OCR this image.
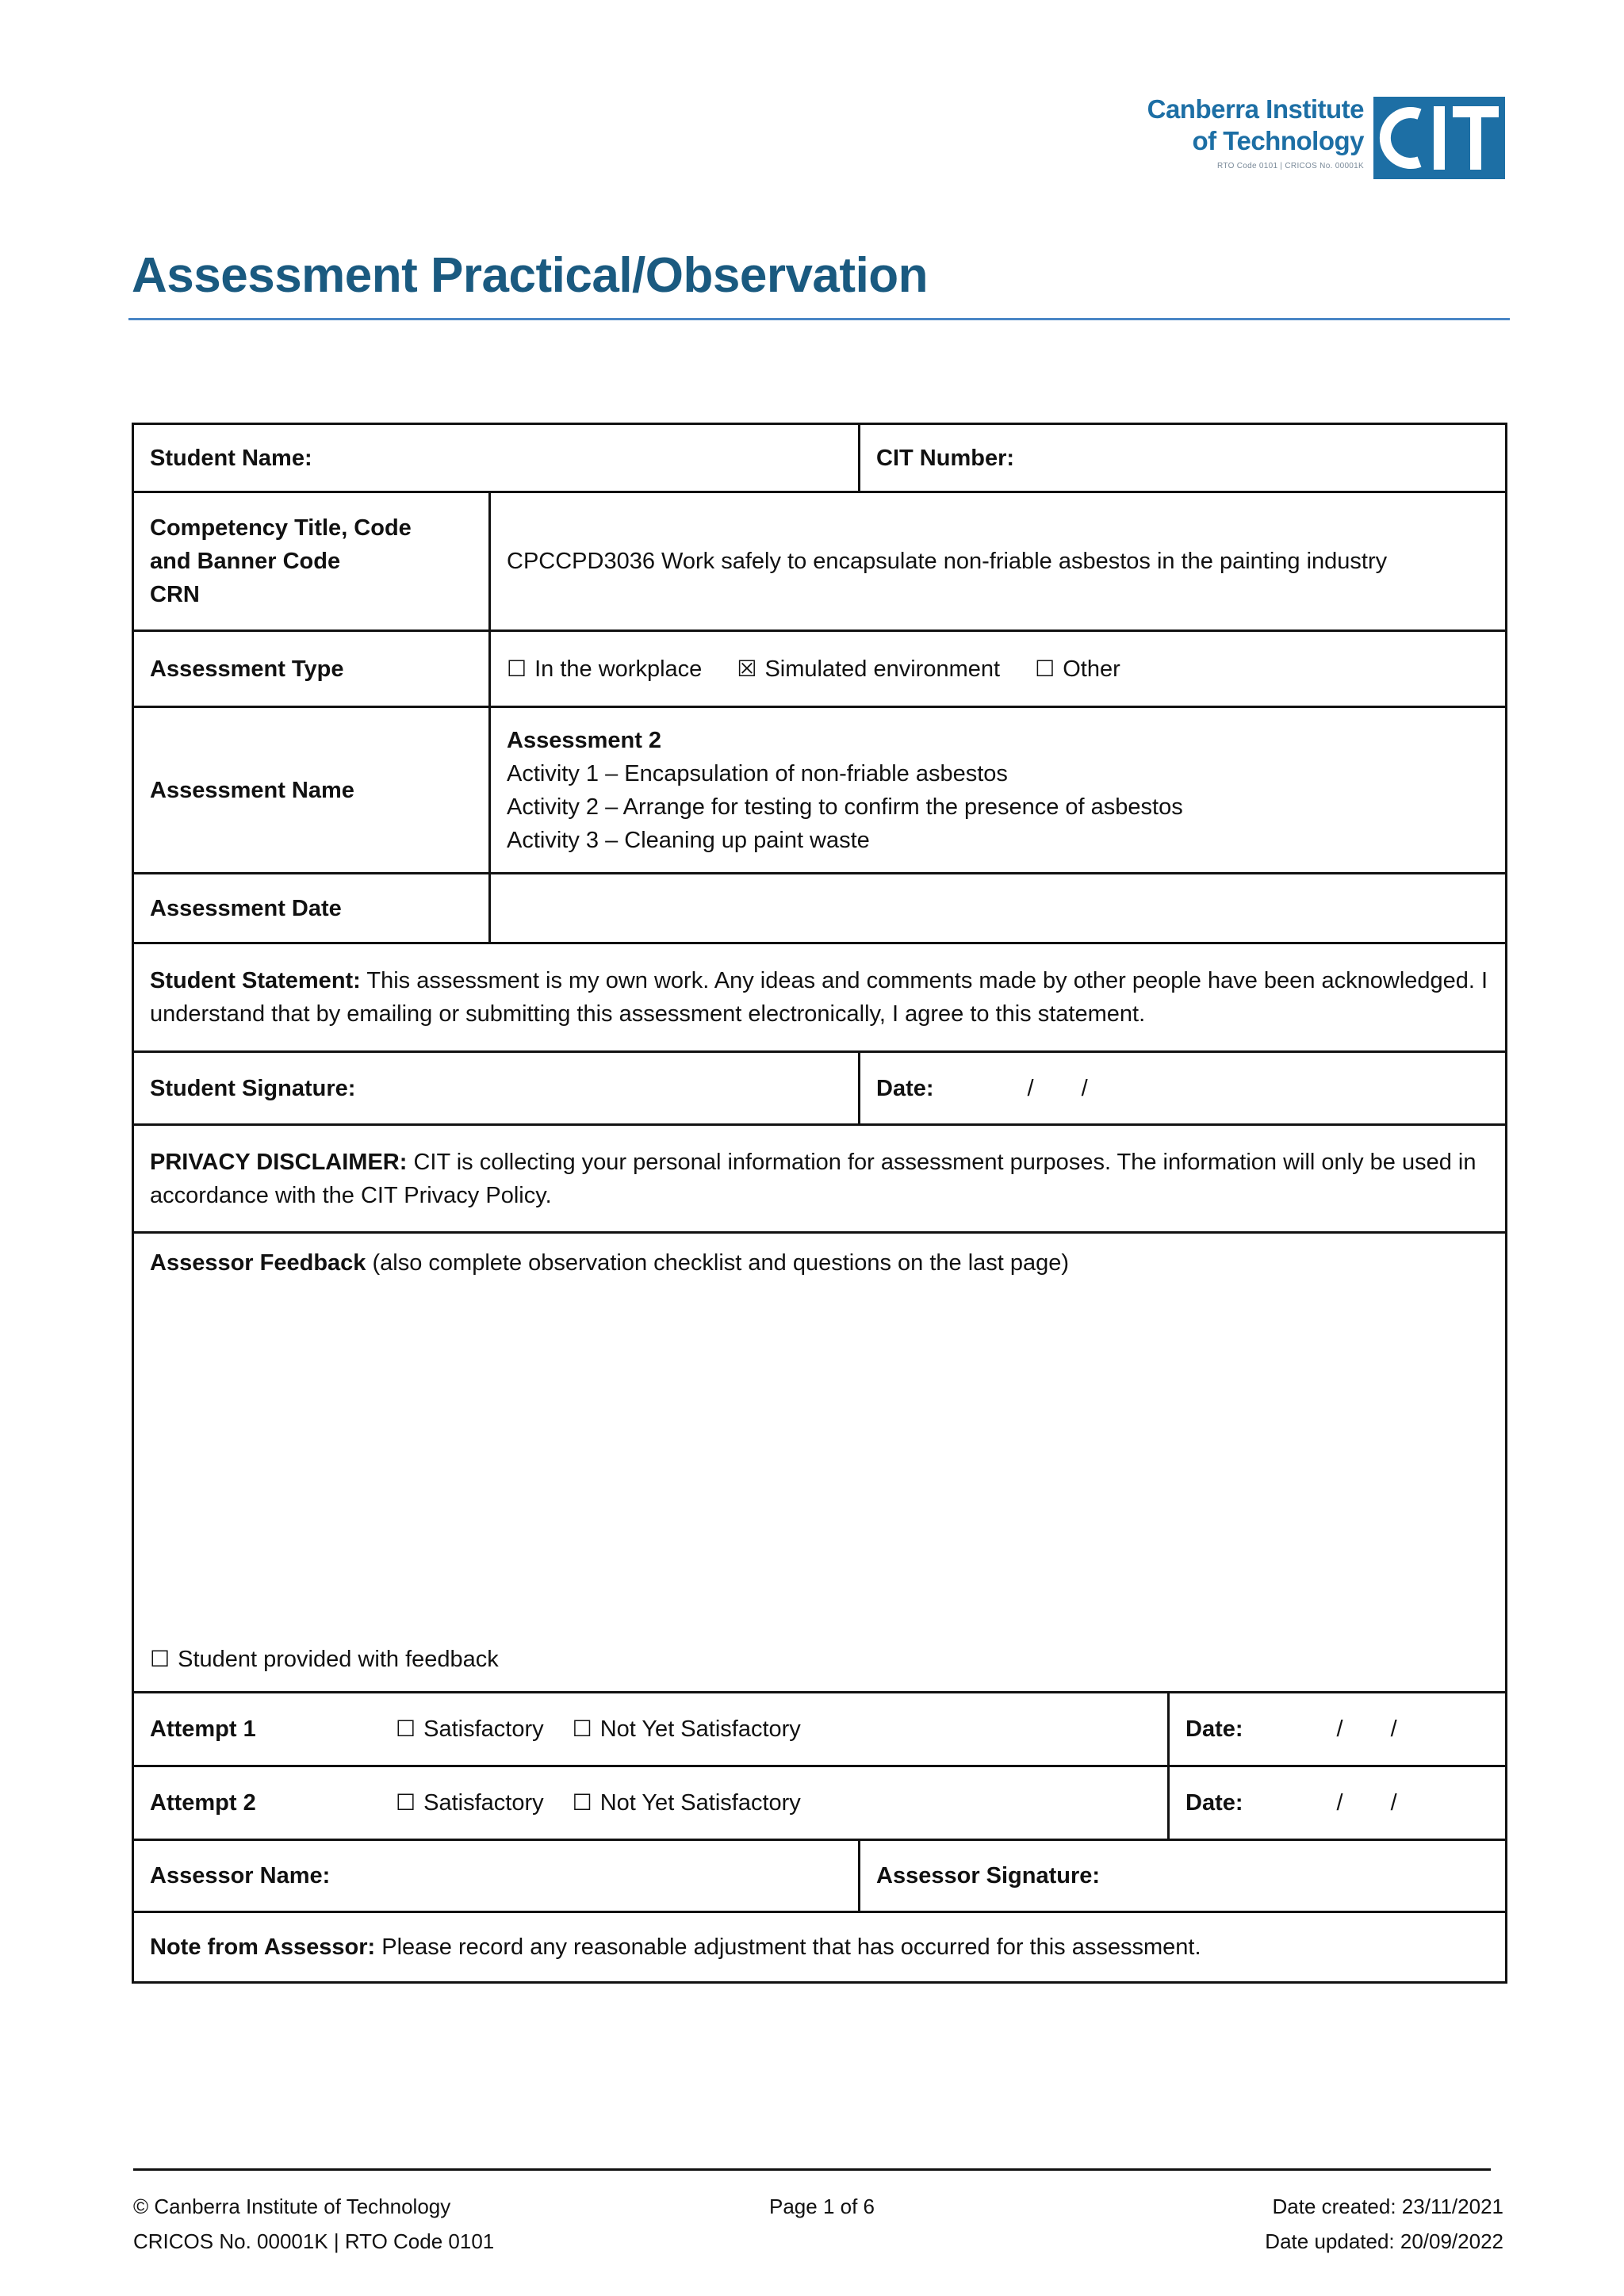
Canberra Institute
of Technology
RTO Code 0101 | CRICOS No. 00001K
Assessment Practical/Observation
Student Name:		CIT Number:	
Competency Title, Code
and Banner Code
CRN	CPCCPD3036 Work safely to encapsulate non-friable asbestos in the painting industry		
Assessment Type	☐ In the workplace ☒ Simulated environment ☐ Other		
Assessment Name	Assessment 2
Activity 1 – Encapsulation of non-friable asbestos
Activity 2 – Arrange for testing to confirm the presence of asbestos
Activity 3 – Cleaning up paint waste		

Assessment Date			
Student Statement: This assessment is my own work. Any ideas and comments made by other people have been acknowledged. I understand that by emailing or submitting this assessment electronically, I agree to this statement.			
Student Signature:		Date: / /	
PRIVACY DISCLAIMER: CIT is collecting your personal information for assessment purposes. The information will only be used in accordance with the CIT Privacy Policy.			

Assessor Feedback (also complete observation checklist and questions on the last page)
☐ Student provided with feedback			

Attempt 1 ☐ Satisfactory ☐ Not Yet Satisfactory			Date: / /
Attempt 2 ☐ Satisfactory ☐ Not Yet Satisfactory			Date: / /
Assessor Name:		Assessor Signature:	
Note from Assessor: Please record any reasonable adjustment that has occurred for this assessment.			
© Canberra Institute of Technology
CRICOS No. 00001K | RTO Code 0101
Page 1 of 6	Date created: 23/11/2021
Date updated: 20/09/2022
